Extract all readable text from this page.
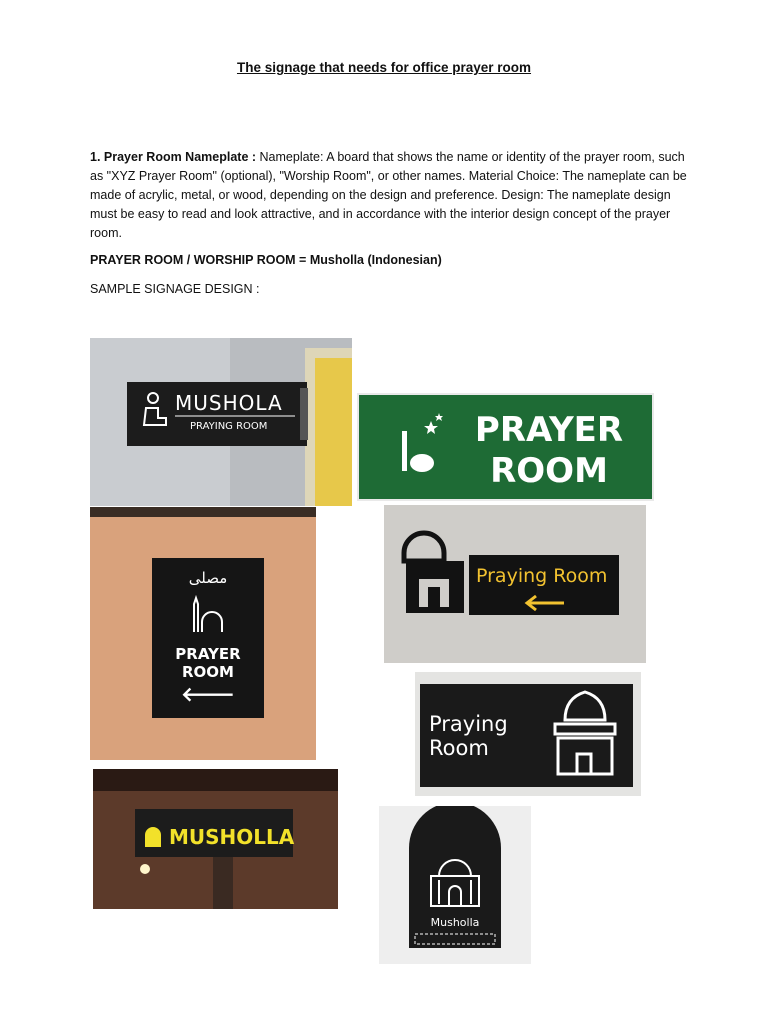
The signage that needs for office prayer room
1. Prayer Room Nameplate : Nameplate: A board that shows the name or identity of the prayer room, such as "XYZ Prayer Room" (optional), "Worship Room", or other names. Material Choice: The nameplate can be made of acrylic, metal, or wood, depending on the design and preference. Design: The nameplate design must be easy to read and look attractive, and in accordance with the interior design concept of the prayer room.
PRAYER ROOM / WORSHIP ROOM = Musholla (Indonesian)
SAMPLE SIGNAGE DESIGN :
MUSHOLA
PRAYING ROOM	PRAYER
ROOM
مصلى
PRAYER
ROOM
🡐
Praying Room
Praying
Room
MUSHOLLA
Musholla
